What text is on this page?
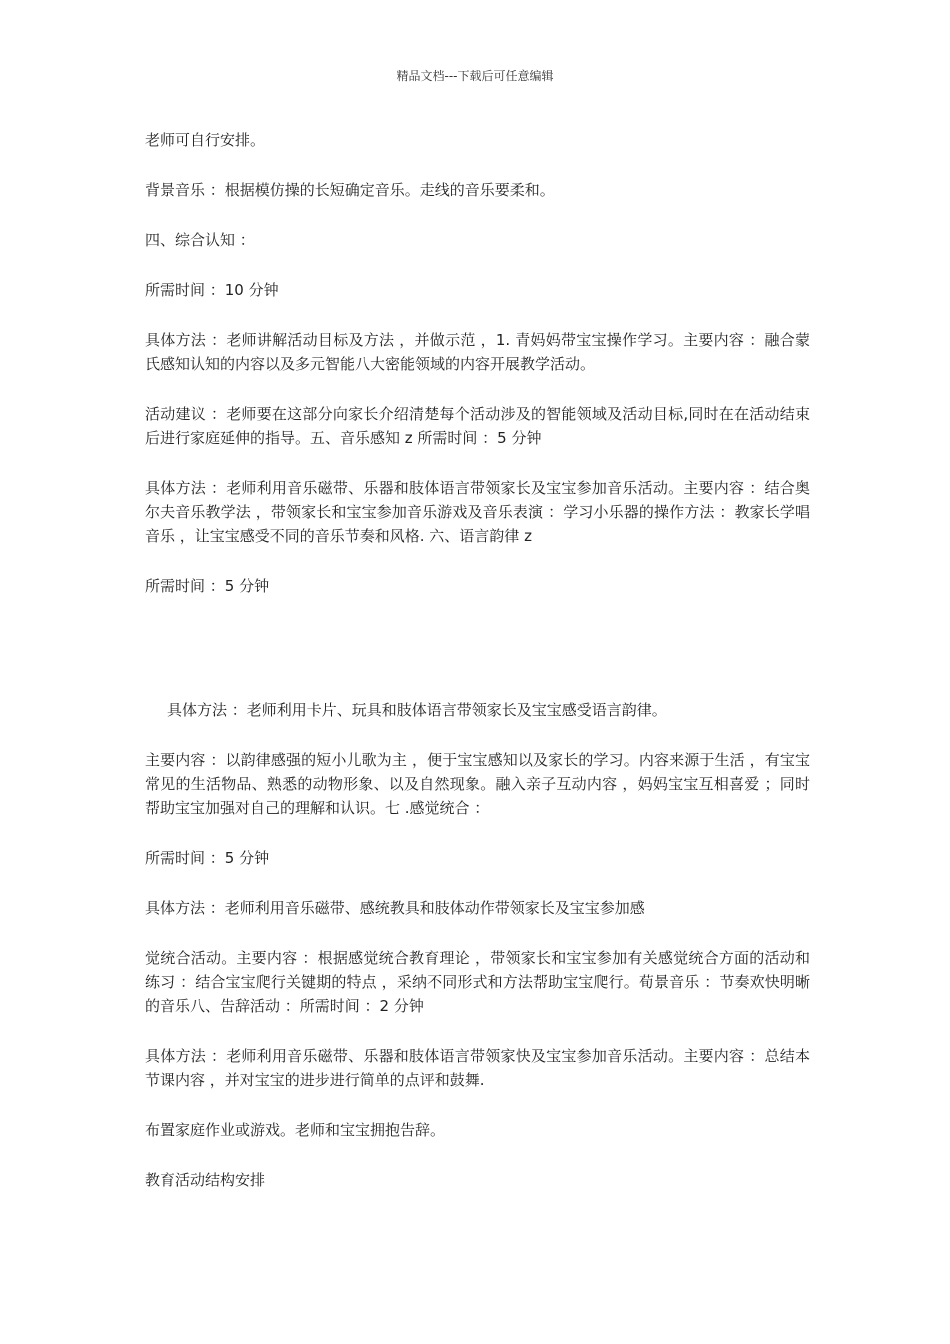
精品文档---下载后可任意编辑

老师可自行安排。

背景音乐 ：根据模仿操的长短确定音乐。走线的音乐要柔和。

四、综合认知 ：

所需时间 ：10 分钟

具体方法 ：老师讲解活动目标及方法 ，并做示范 ，1. 青妈妈带宝宝操作学习。主要内容 ：融合蒙氏感知认知的内容以及多元智能八大密能领域的内容开展教学活动。

活动建议 ：老师要在这部分向家长介绍清楚每个活动涉及的智能领域及活动目标,同时在在活动结束后进行家庭延伸的指导。五、音乐感知 z 所需时间 ：5 分钟

具体方法 ：老师利用音乐磁带、乐器和肢体语言带领家长及宝宝参加音乐活动。主要内容 ：结合奥尔夫音乐教学法 ，带领家长和宝宝参加音乐游戏及音乐表演 ：学习小乐器的操作方法 ：教家长学唱音乐 ，让宝宝感受不同的音乐节奏和风格. 六、语言韵律 z

所需时间 ：5 分钟

具体方法 ：老师利用卡片、玩具和肢体语言带领家长及宝宝感受语言韵律。

主要内容 ：以韵律感强的短小儿歌为主 ，便于宝宝感知以及家长的学习。内容来源于生活 ，有宝宝常见的生活物品、熟悉的动物形象、以及自然现象。融入亲子互动内容 ，妈妈宝宝互相喜爱 ；同时帮助宝宝加强对自己的理解和认识。七 .感觉统合 ：

所需时间 ：5 分钟

具体方法 ：老师利用音乐磁带、感统教具和肢体动作带领家长及宝宝参加感

觉统合活动。主要内容 ：根据感觉统合教育理论 ，带领家长和宝宝参加有关感觉统合方面的活动和练习 ：结合宝宝爬行关键期的特点 ，采纳不同形式和方法帮助宝宝爬行。荀景音乐 ：节奏欢快明晰的音乐八、告辞活动 ：所需时间 ：2 分钟

具体方法 ：老师利用音乐磁带、乐器和肢体语言带领家快及宝宝参加音乐活动。主要内容 ：总结本节课内容 ，并对宝宝的进步进行简单的点评和鼓舞.

布置家庭作业或游戏。老师和宝宝拥抱告辞。

教育活动结构安排
